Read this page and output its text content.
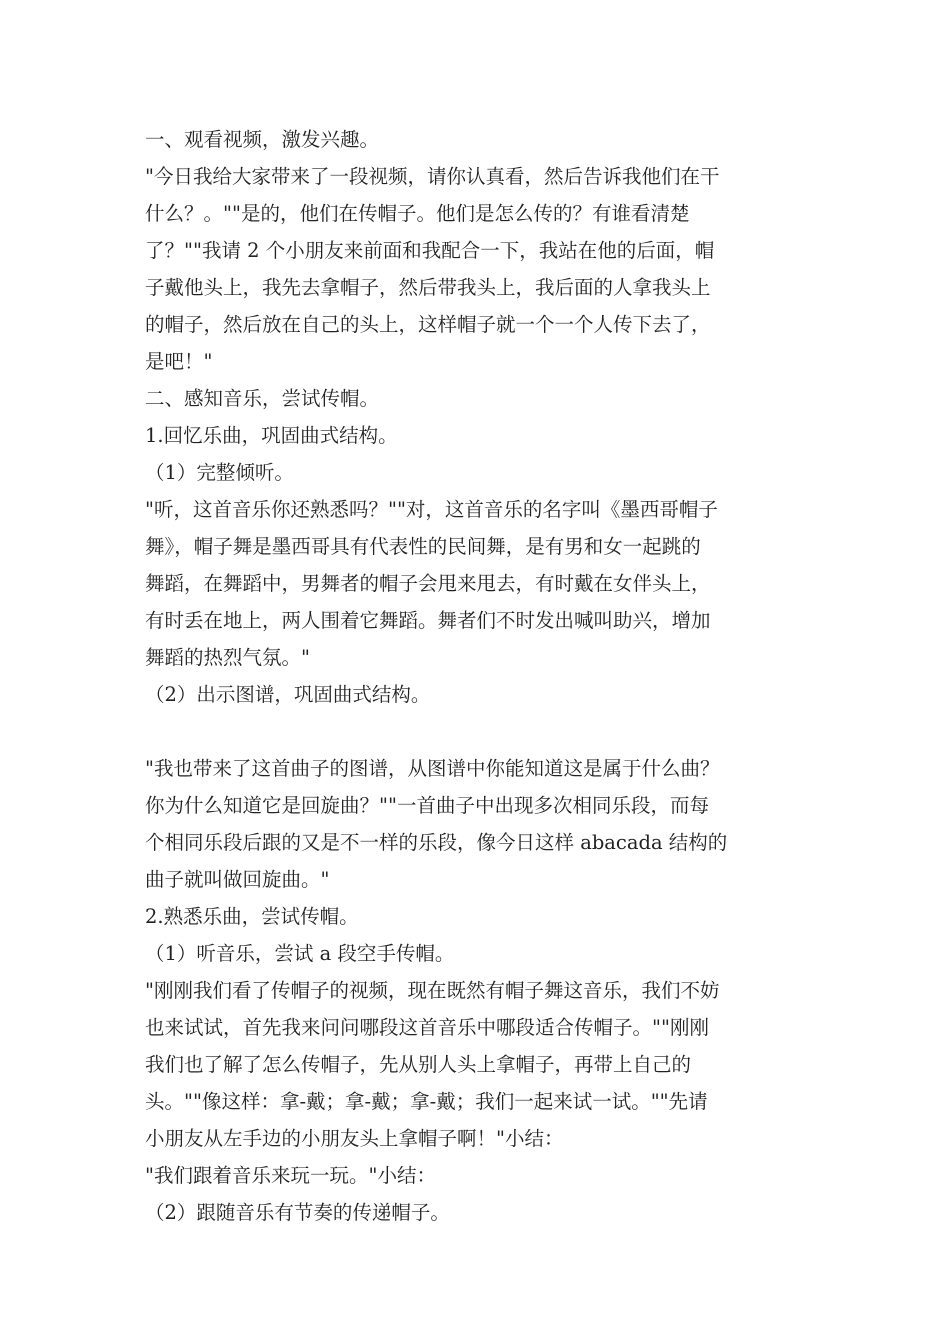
一、观看视频，激发兴趣。
"今日我给大家带来了一段视频，请你认真看，然后告诉我他们在干
什么？。""是的，他们在传帽子。他们是怎么传的？有谁看清楚
了？""我请 2 个小朋友来前面和我配合一下，我站在他的后面，帽
子戴他头上，我先去拿帽子，然后带我头上，我后面的人拿我头上
的帽子，然后放在自己的头上，这样帽子就一个一个人传下去了，
是吧！"
二、感知音乐，尝试传帽。
1.回忆乐曲，巩固曲式结构。
（1）完整倾听。
"听，这首音乐你还熟悉吗？""对，这首音乐的名字叫《墨西哥帽子
舞》，帽子舞是墨西哥具有代表性的民间舞，是有男和女一起跳的
舞蹈，在舞蹈中，男舞者的帽子会甩来甩去，有时戴在女伴头上，
有时丢在地上，两人围着它舞蹈。舞者们不时发出喊叫助兴，增加
舞蹈的热烈气氛。"
（2）出示图谱，巩固曲式结构。
"我也带来了这首曲子的图谱，从图谱中你能知道这是属于什么曲？
你为什么知道它是回旋曲？""一首曲子中出现多次相同乐段，而每
个相同乐段后跟的又是不一样的乐段，像今日这样 abacada 结构的
曲子就叫做回旋曲。"
2.熟悉乐曲，尝试传帽。
（1）听音乐，尝试 a 段空手传帽。
"刚刚我们看了传帽子的视频，现在既然有帽子舞这音乐，我们不妨
也来试试，首先我来问问哪段这首音乐中哪段适合传帽子。""刚刚
我们也了解了怎么传帽子，先从别人头上拿帽子，再带上自己的
头。""像这样：拿-戴；拿-戴；拿-戴；我们一起来试一试。""先请
小朋友从左手边的小朋友头上拿帽子啊！"小结：
"我们跟着音乐来玩一玩。"小结：
（2）跟随音乐有节奏的传递帽子。
